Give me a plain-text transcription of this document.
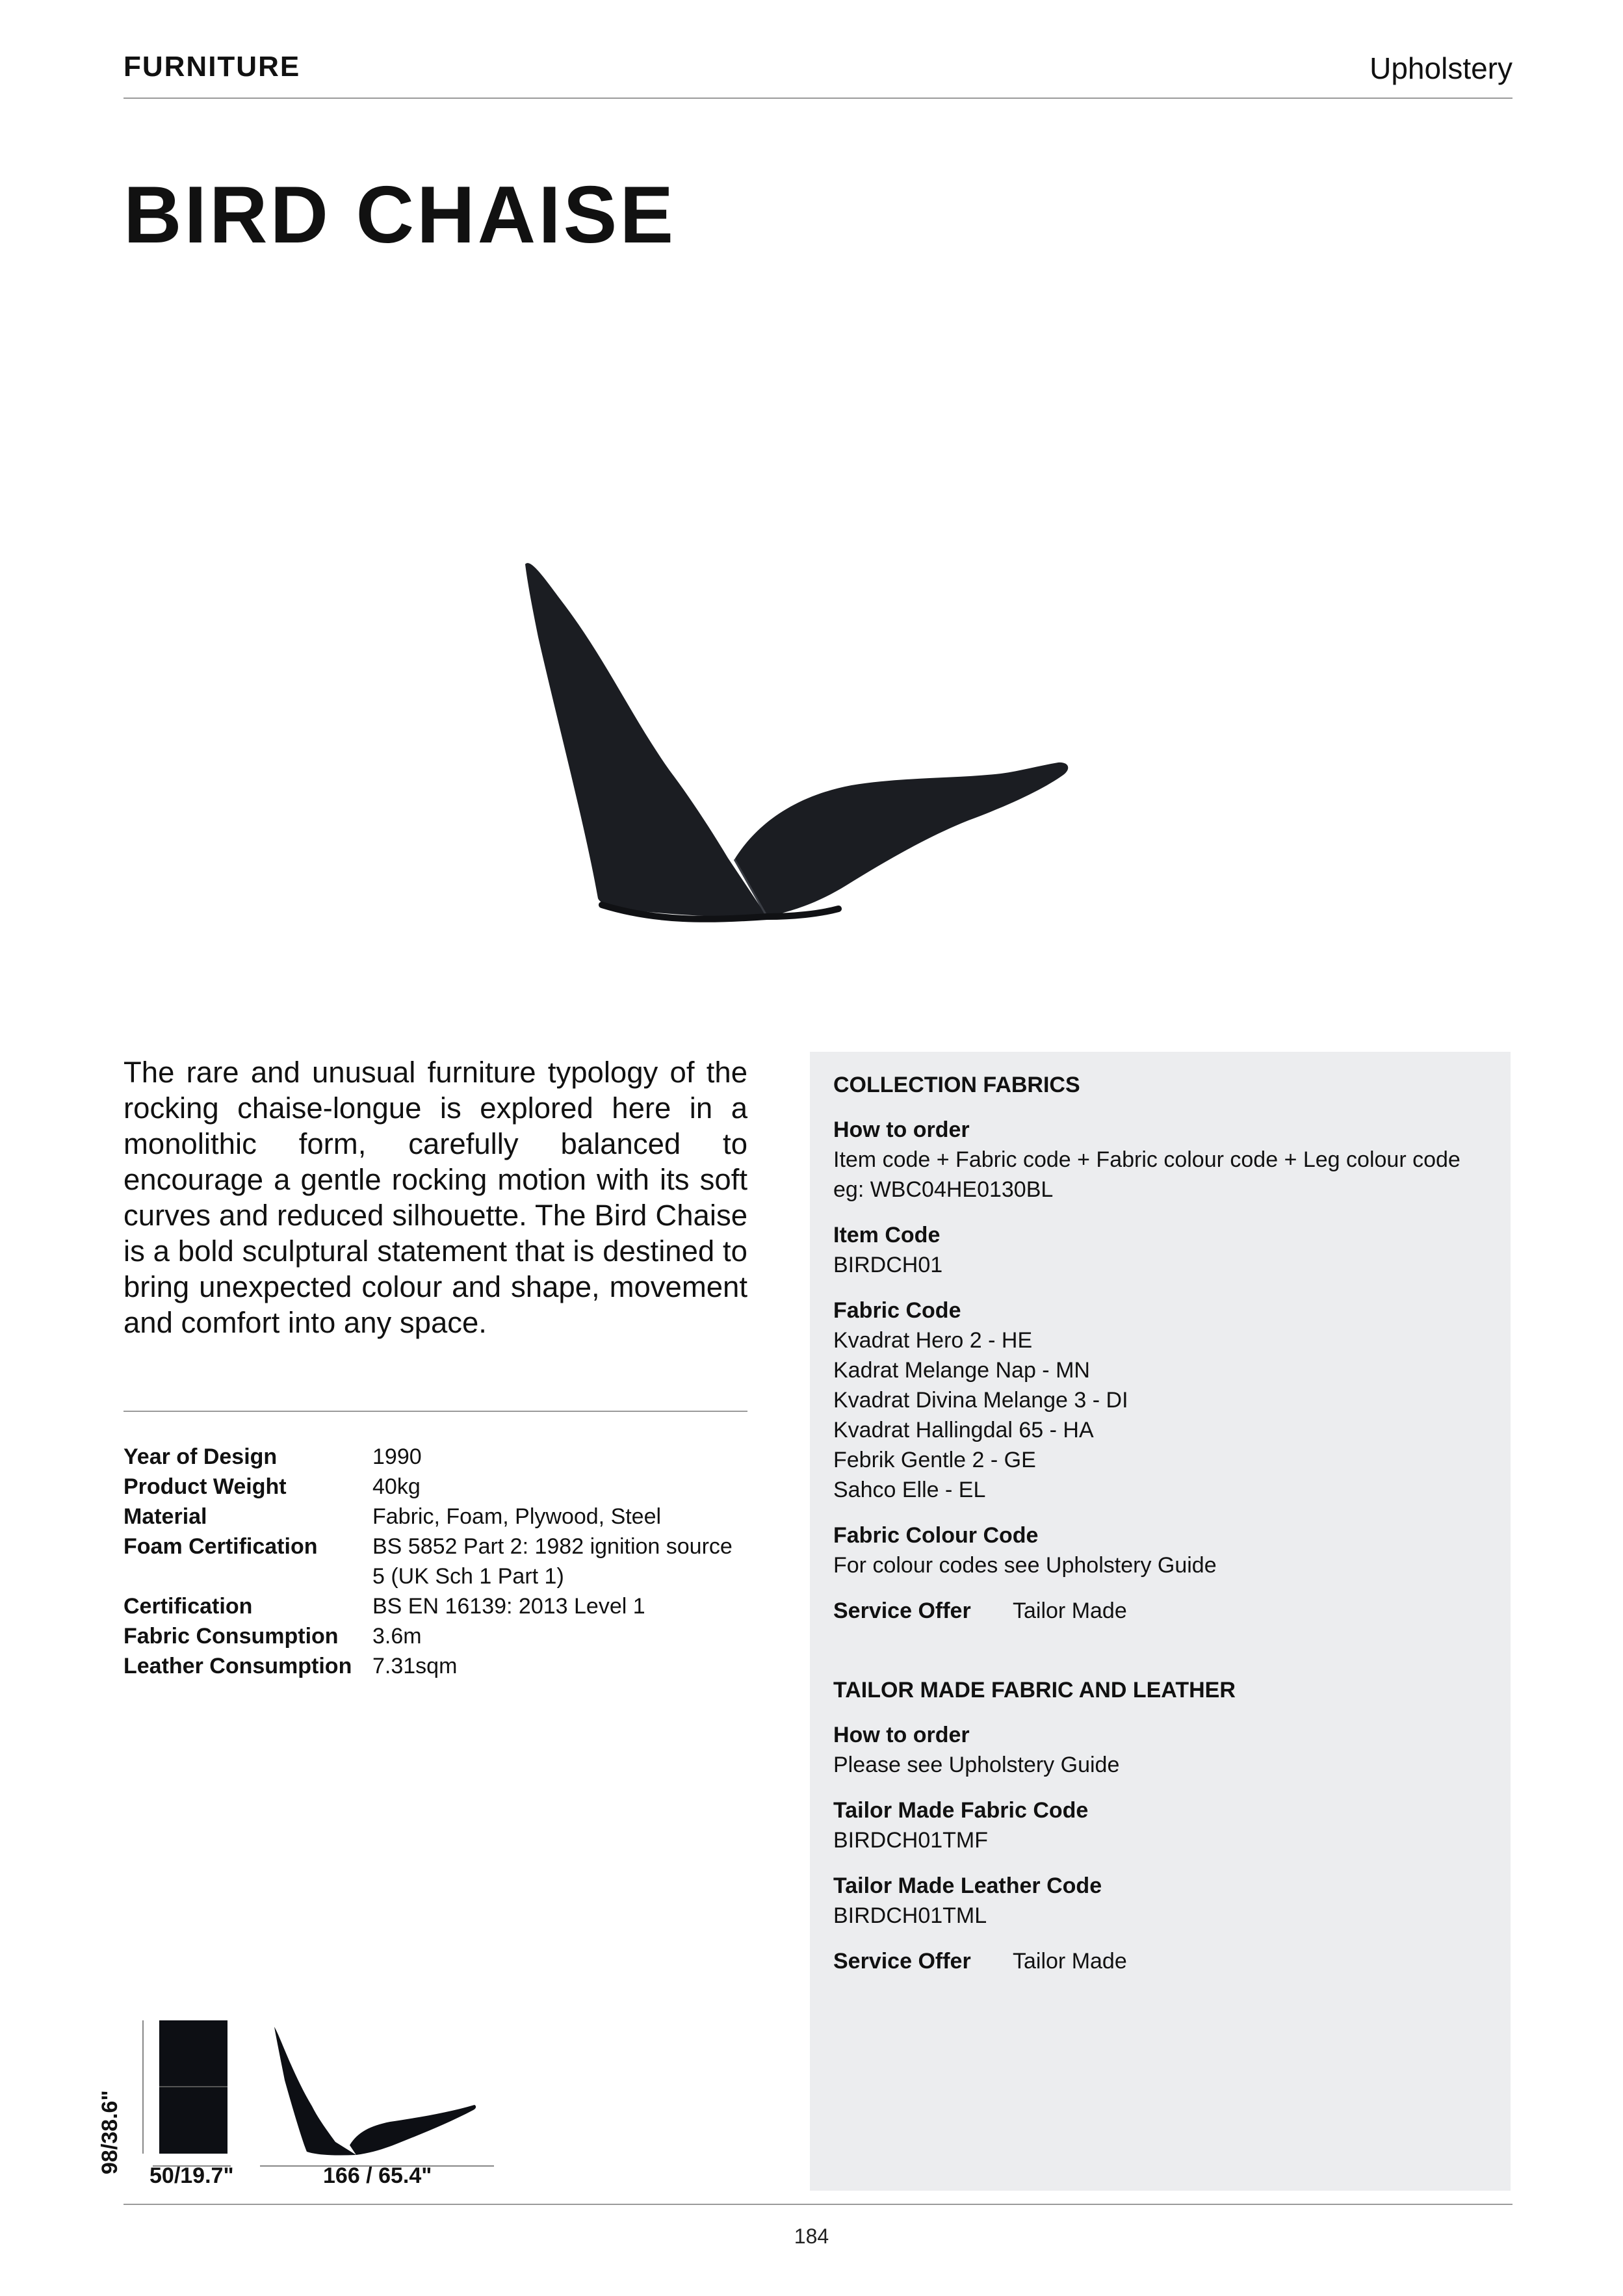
FURNITURE	Upholstery
BIRD CHAISE

The rare and unusual furniture typology of the rocking chaise-longue is explored here in a monolithic form, carefully balanced to encourage a gentle rocking motion with its soft curves and reduced silhouette. The Bird Chaise is a bold sculptural statement that is destined to bring unexpected colour and shape, movement and comfort into any space.

Year of Design	1990
Product Weight	40kg
Material	Fabric, Foam, Plywood, Steel
Foam Certification	BS 5852 Part 2: 1982 ignition source 5 (UK Sch 1 Part 1)
Certification	BS EN 16139: 2013 Level 1
Fabric Consumption	3.6m
Leather Consumption 7.31sqm
COLLECTION FABRICS
How to order
Item code + Fabric code + Fabric colour code + Leg colour code eg: WBC04HE0130BL
Item Code
BIRDCH01
Fabric Code
Kvadrat Hero 2 - HE
Kadrat Melange Nap - MN
Kvadrat Divina Melange 3 - DI
Kvadrat Hallingdal 65 - HA
Febrik Gentle 2 - GE
Sahco Elle - EL
Fabric Colour Code
For colour codes see Upholstery Guide
Service Offer	Tailor Made
TAILOR MADE FABRIC AND LEATHER
How to order
Please see Upholstery Guide
Tailor Made Fabric Code
BIRDCH01TMF
Tailor Made Leather Code
BIRDCH01TML
Service Offer	Tailor Made
98/38.6"
50/19.7"	166 / 65.4"
184
